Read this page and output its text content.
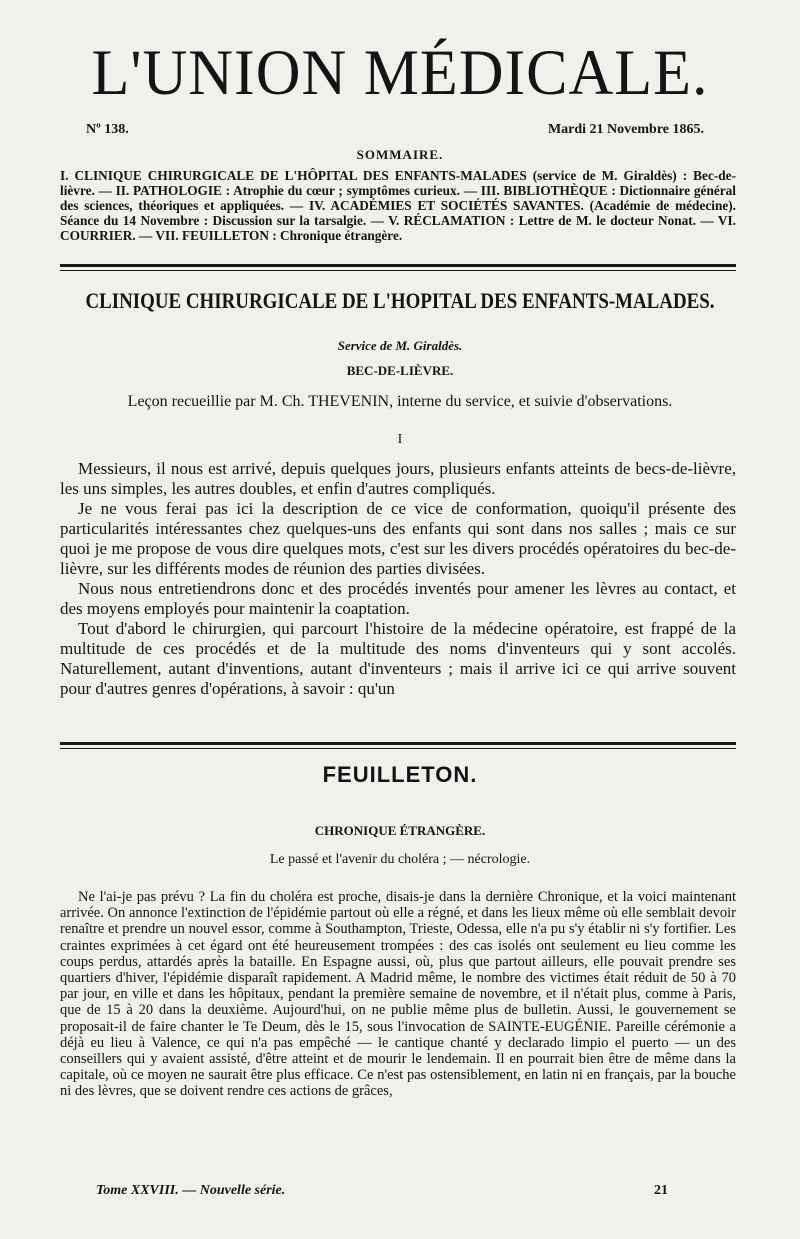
L'UNION MÉDICALE.
Nº 138.	Mardi 21 Novembre 1865.
SOMMAIRE.

I. CLINIQUE CHIRURGICALE DE L'HÔPITAL DES ENFANTS-MALADES (service de M. Giraldès) : Bec-de-lièvre. — II. PATHOLOGIE : Atrophie du cœur ; symptômes curieux. — III. BIBLIOTHÈQUE : Dictionnaire général des sciences, théoriques et appliquées. — IV. ACADÉMIES ET SOCIÉTÉS SAVANTES. (Académie de médecine). Séance du 14 Novembre : Discussion sur la tarsalgie. — V. RÉCLAMATION : Lettre de M. le docteur Nonat. — VI. COURRIER. — VII. FEUILLETON : Chronique étrangère.

CLINIQUE CHIRURGICALE DE L'HOPITAL DES ENFANTS-MALADES.
Service de M. Giraldès.
BEC-DE-LIÈVRE.
Leçon recueillie par M. Ch. THEVENIN, interne du service, et suivie d'observations.
I

Messieurs, il nous est arrivé, depuis quelques jours, plusieurs enfants atteints de becs-de-lièvre, les uns simples, les autres doubles, et enfin d'autres compliqués.

Je ne vous ferai pas ici la description de ce vice de conformation, quoiqu'il présente des particularités intéressantes chez quelques-uns des enfants qui sont dans nos salles ; mais ce sur quoi je me propose de vous dire quelques mots, c'est sur les divers procédés opératoires du bec-de-lièvre, sur les différents modes de réunion des parties divisées.

Nous nous entretiendrons donc et des procédés inventés pour amener les lèvres au contact, et des moyens employés pour maintenir la coaptation.

Tout d'abord le chirurgien, qui parcourt l'histoire de la médecine opératoire, est frappé de la multitude de ces procédés et de la multitude des noms d'inventeurs qui y sont accolés. Naturellement, autant d'inventions, autant d'inventeurs ; mais il arrive ici ce qui arrive souvent pour d'autres genres d'opérations, à savoir : qu'un

FEUILLETON.
CHRONIQUE ÉTRANGÈRE.
Le passé et l'avenir du choléra ; — nécrologie.

Ne l'ai-je pas prévu ? La fin du choléra est proche, disais-je dans la dernière Chronique, et la voici maintenant arrivée. On annonce l'extinction de l'épidémie partout où elle a régné, et dans les lieux même où elle semblait devoir renaître et prendre un nouvel essor, comme à Southampton, Trieste, Odessa, elle n'a pu s'y établir ni s'y fortifier. Les craintes exprimées à cet égard ont été heureusement trompées : des cas isolés ont seulement eu lieu comme les coups perdus, attardés après la bataille. En Espagne aussi, où, plus que partout ailleurs, elle pouvait prendre ses quartiers d'hiver, l'épidémie disparaît rapidement. A Madrid même, le nombre des victimes était réduit de 50 à 70 par jour, en ville et dans les hôpitaux, pendant la première semaine de novembre, et il n'était plus, comme à Paris, que de 15 à 20 dans la deuxième. Aujourd'hui, on ne publie même plus de bulletin. Aussi, le gouvernement se proposait-il de faire chanter le Te Deum, dès le 15, sous l'invocation de SAINTE-EUGÉNIE. Pareille cérémonie a déjà eu lieu à Valence, ce qui n'a pas empêché — le cantique chanté y declarado limpio el puerto — un des conseillers qui y avaient assisté, d'être atteint et de mourir le lendemain. Il en pourrait bien être de même dans la capitale, où ce moyen ne saurait être plus efficace. Ce n'est pas ostensiblement, en latin ni en français, par la bouche ni des lèvres, que se doivent rendre ces actions de grâces,

Tome XXVIII. — Nouvelle série.	21
